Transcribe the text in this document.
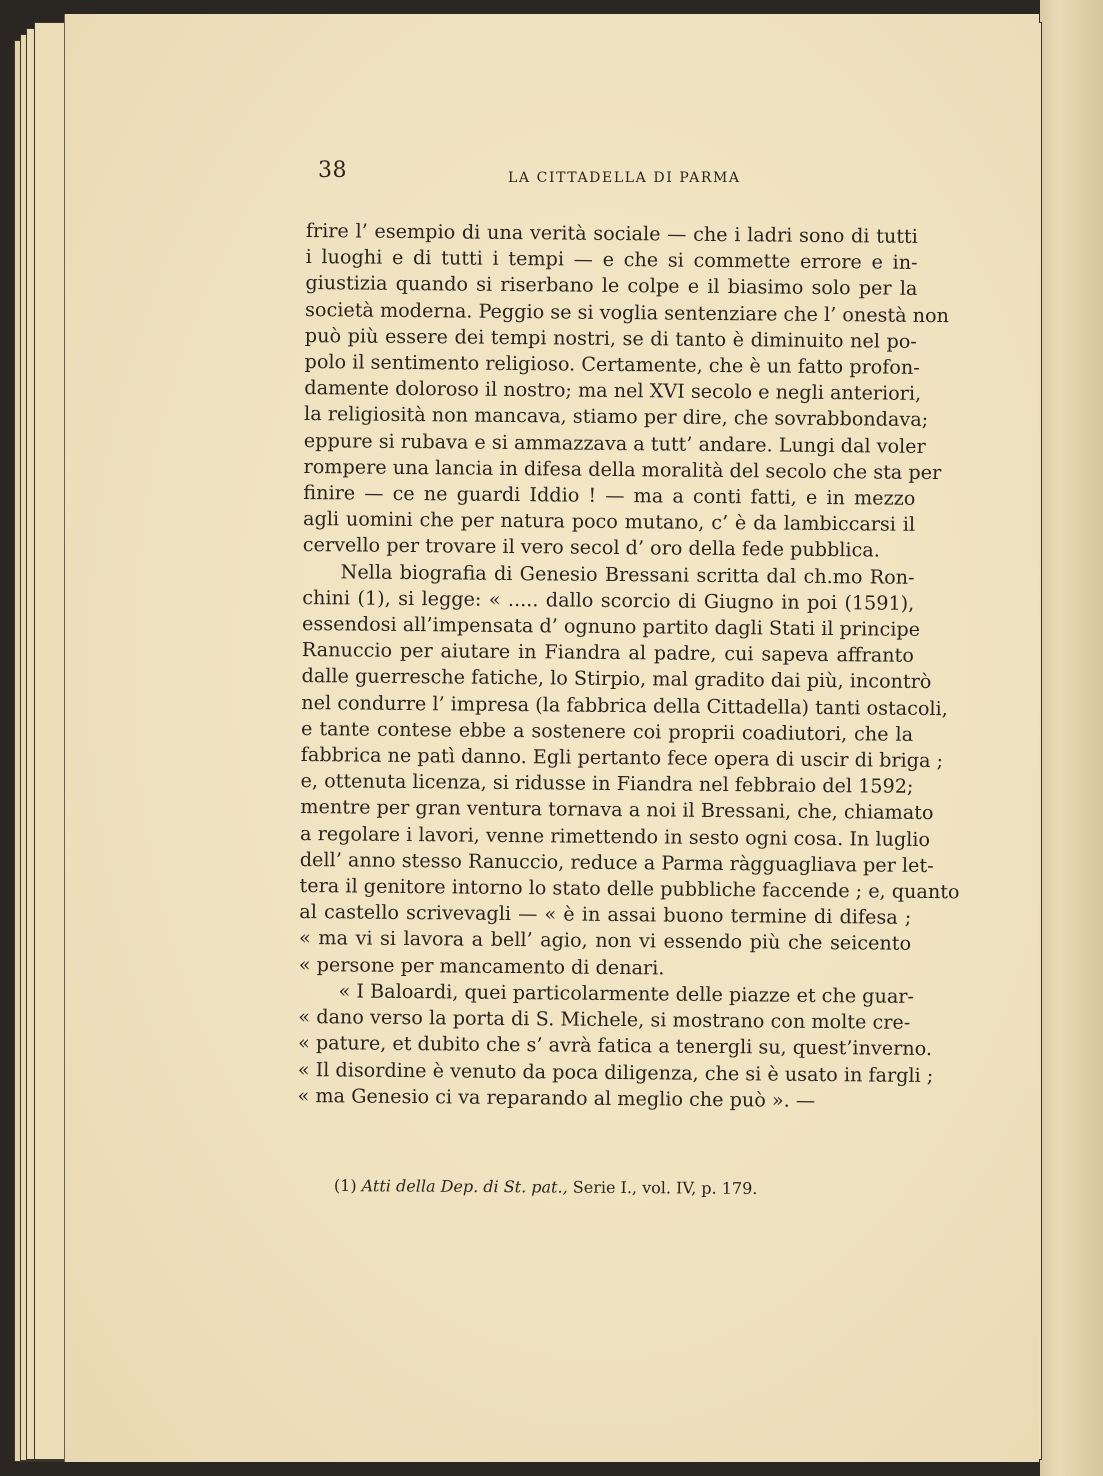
38	LA CITTADELLA DI PARMA
frire l’ esempio di una verità sociale — che i ladri sono di tutti
i luoghi e di tutti i tempi — e che si commette errore e in-
giustizia quando si riserbano le colpe e il biasimo solo per la
società moderna. Peggio se si voglia sentenziare che l’ onestà non
può più essere dei tempi nostri, se di tanto è diminuito nel po-
polo il sentimento religioso. Certamente, che è un fatto profon-
damente doloroso il nostro; ma nel XVI secolo e negli anteriori,
la religiosità non mancava, stiamo per dire, che sovrabbondava;
eppure si rubava e si ammazzava a tutt’ andare. Lungi dal voler
rompere una lancia in difesa della moralità del secolo che sta per
finire — ce ne guardi Iddio ! — ma a conti fatti, e in mezzo
agli uomini che per natura poco mutano, c’ è da lambiccarsi il
cervello per trovare il vero secol d’ oro della fede pubblica.
Nella biografia di Genesio Bressani scritta dal ch.mo Ron-
chini (1), si legge: « ..... dallo scorcio di Giugno in poi (1591),
essendosi all’impensata d’ ognuno partito dagli Stati il principe
Ranuccio per aiutare in Fiandra al padre, cui sapeva affranto
dalle guerresche fatiche, lo Stirpio, mal gradito dai più, incontrò
nel condurre l’ impresa (la fabbrica della Cittadella) tanti ostacoli,
e tante contese ebbe a sostenere coi proprii coadiutori, che la
fabbrica ne patì danno. Egli pertanto fece opera di uscir di briga ;
e, ottenuta licenza, si ridusse in Fiandra nel febbraio del 1592;
mentre per gran ventura tornava a noi il Bressani, che, chiamato
a regolare i lavori, venne rimettendo in sesto ogni cosa. In luglio
dell’ anno stesso Ranuccio, reduce a Parma ràgguagliava per let-
tera il genitore intorno lo stato delle pubbliche faccende ; e, quanto
al castello scrivevagli — « è in assai buono termine di difesa ;
« ma vi si lavora a bell’ agio, non vi essendo più che seicento
« persone per mancamento di denari.
« I Baloardi, quei particolarmente delle piazze et che guar-
« dano verso la porta di S. Michele, si mostrano con molte cre-
« pature, et dubito che s’ avrà fatica a tenergli su, quest’inverno.
« Il disordine è venuto da poca diligenza, che si è usato in fargli ;
« ma Genesio ci va reparando al meglio che può ». —
(1) Atti della Dep. di St. pat., Serie I., vol. IV, p. 179.
